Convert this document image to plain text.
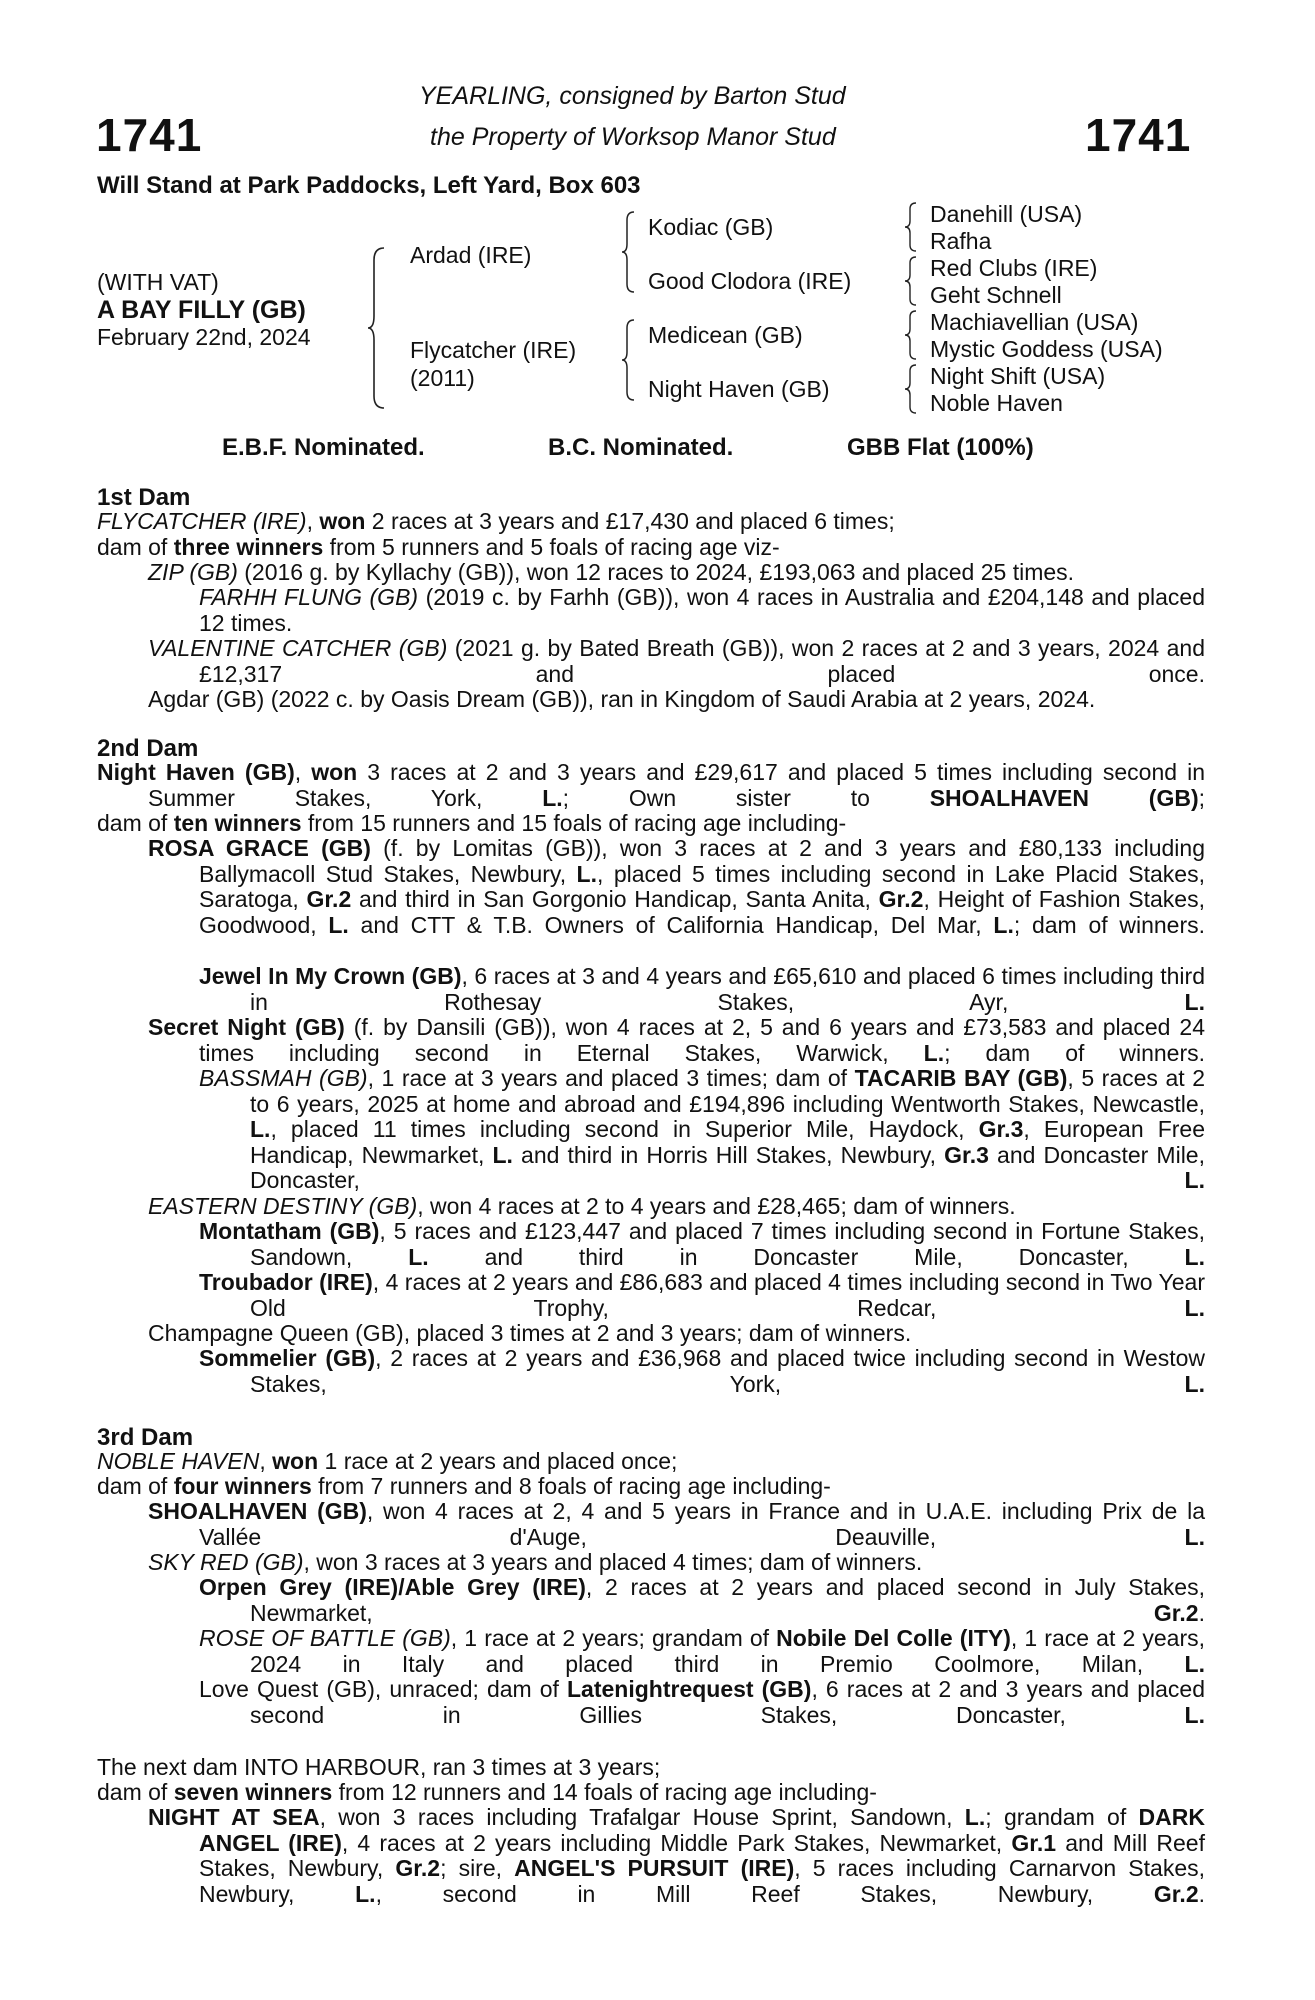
1741	1741
YEARLING, consigned by Barton Stud
the Property of Worksop Manor Stud
Will Stand at Park Paddocks, Left Yard, Box 603
(WITH VAT)
A BAY FILLY (GB)
February 22nd, 2024
Ardad (IRE)
Flycatcher (IRE)
(2011)
Kodiac (GB)
Good Clodora (IRE)
Medicean (GB)
Night Haven (GB)
Danehill (USA)
Rafha
Red Clubs (IRE)
Geht Schnell
Machiavellian (USA)
Mystic Goddess (USA)
Night Shift (USA)
Noble Haven
E.B.F. Nominated.	B.C. Nominated.	GBB Flat (100%)
1st Dam
FLYCATCHER (IRE), won 2 races at 3 years and £17,430 and placed 6 times;
dam of three winners from 5 runners and 5 foals of racing age viz-
ZIP (GB) (2016 g. by Kyllachy (GB)), won 12 races to 2024, £193,063 and placed 25 times.
FARHH FLUNG (GB) (2019 c. by Farhh (GB)), won 4 races in Australia and £204,148 and placed 12 times.
VALENTINE CATCHER (GB) (2021 g. by Bated Breath (GB)), won 2 races at 2 and 3 years, 2024 and £12,317 and placed once.
Agdar (GB) (2022 c. by Oasis Dream (GB)), ran in Kingdom of Saudi Arabia at 2 years, 2024.
2nd Dam
Night Haven (GB), won 3 races at 2 and 3 years and £29,617 and placed 5 times including second in Summer Stakes, York, L.; Own sister to SHOALHAVEN (GB);
dam of ten winners from 15 runners and 15 foals of racing age including-
ROSA GRACE (GB) (f. by Lomitas (GB)), won 3 races at 2 and 3 years and £80,133 including Ballymacoll Stud Stakes, Newbury, L., placed 5 times including second in Lake Placid Stakes, Saratoga, Gr.2 and third in San Gorgonio Handicap, Santa Anita, Gr.2, Height of Fashion Stakes, Goodwood, L. and CTT & T.B. Owners of California Handicap, Del Mar, L.; dam of winners.
Jewel In My Crown (GB), 6 races at 3 and 4 years and £65,610 and placed 6 times including third in Rothesay Stakes, Ayr, L.
Secret Night (GB) (f. by Dansili (GB)), won 4 races at 2, 5 and 6 years and £73,583 and placed 24 times including second in Eternal Stakes, Warwick, L.; dam of winners.
BASSMAH (GB), 1 race at 3 years and placed 3 times; dam of TACARIB BAY (GB), 5 races at 2 to 6 years, 2025 at home and abroad and £194,896 including Wentworth Stakes, Newcastle, L., placed 11 times including second in Superior Mile, Haydock, Gr.3, European Free Handicap, Newmarket, L. and third in Horris Hill Stakes, Newbury, Gr.3 and Doncaster Mile, Doncaster, L.
EASTERN DESTINY (GB), won 4 races at 2 to 4 years and £28,465; dam of winners.
Montatham (GB), 5 races and £123,447 and placed 7 times including second in Fortune Stakes, Sandown, L. and third in Doncaster Mile, Doncaster, L.
Troubador (IRE), 4 races at 2 years and £86,683 and placed 4 times including second in Two Year Old Trophy, Redcar, L.
Champagne Queen (GB), placed 3 times at 2 and 3 years; dam of winners.
Sommelier (GB), 2 races at 2 years and £36,968 and placed twice including second in Westow Stakes, York, L.
3rd Dam
NOBLE HAVEN, won 1 race at 2 years and placed once;
dam of four winners from 7 runners and 8 foals of racing age including-
SHOALHAVEN (GB), won 4 races at 2, 4 and 5 years in France and in U.A.E. including Prix de la Vallée d'Auge, Deauville, L.
SKY RED (GB), won 3 races at 3 years and placed 4 times; dam of winners.
Orpen Grey (IRE)/Able Grey (IRE), 2 races at 2 years and placed second in July Stakes, Newmarket, Gr.2.
ROSE OF BATTLE (GB), 1 race at 2 years; grandam of Nobile Del Colle (ITY), 1 race at 2 years, 2024 in Italy and placed third in Premio Coolmore, Milan, L.
Love Quest (GB), unraced; dam of Latenightrequest (GB), 6 races at 2 and 3 years and placed second in Gillies Stakes, Doncaster, L.
The next dam INTO HARBOUR, ran 3 times at 3 years;
dam of seven winners from 12 runners and 14 foals of racing age including-
NIGHT AT SEA, won 3 races including Trafalgar House Sprint, Sandown, L.; grandam of DARK ANGEL (IRE), 4 races at 2 years including Middle Park Stakes, Newmarket, Gr.1 and Mill Reef Stakes, Newbury, Gr.2; sire, ANGEL'S PURSUIT (IRE), 5 races including Carnarvon Stakes, Newbury, L., second in Mill Reef Stakes, Newbury, Gr.2.
